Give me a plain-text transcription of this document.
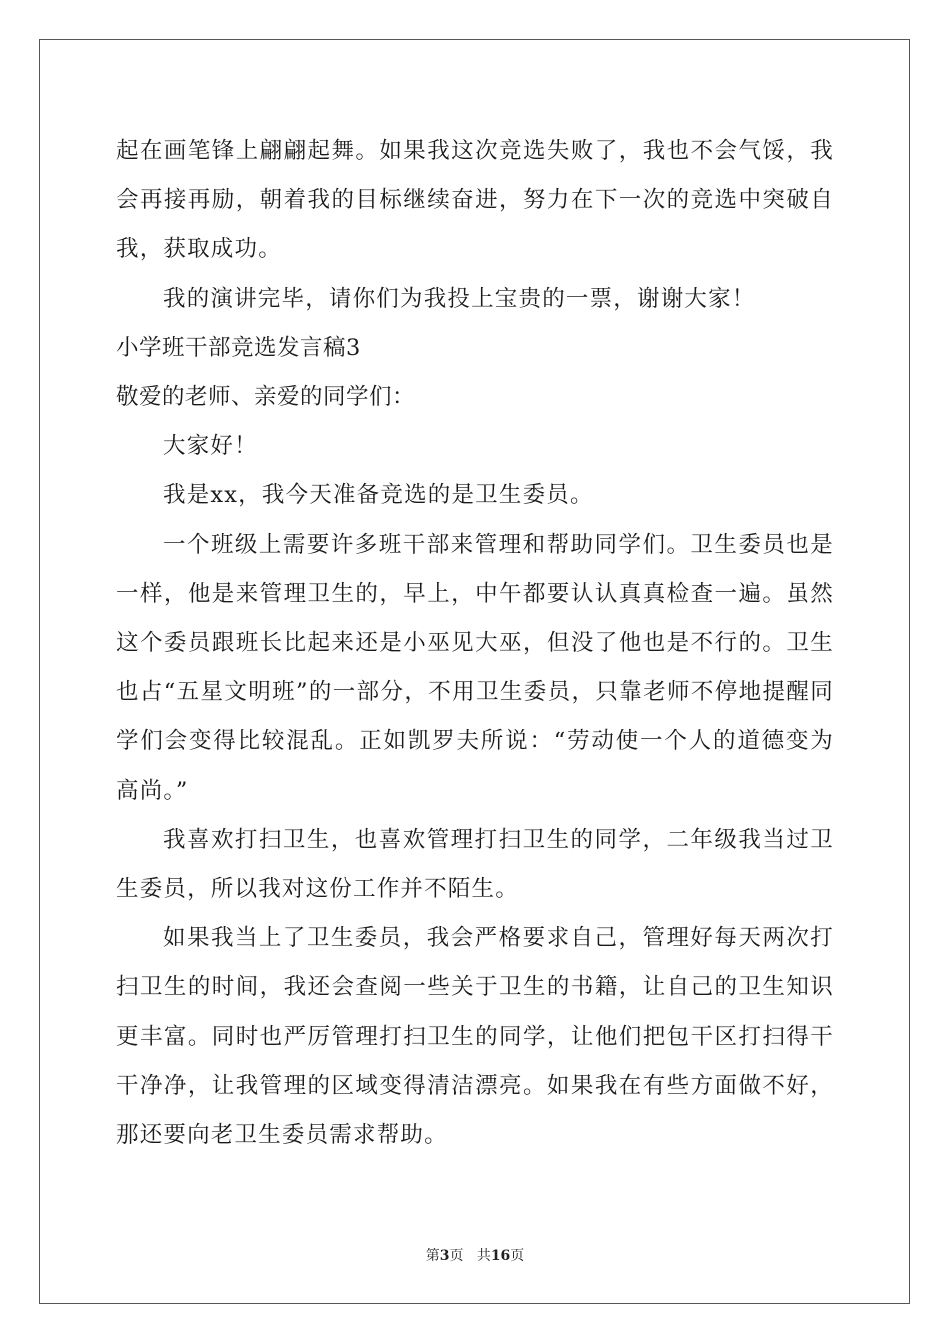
起在画笔锋上翩翩起舞。如果我这次竞选失败了，我也不会气馁，我会再接再励，朝着我的目标继续奋进，努力在下一次的竞选中突破自我，获取成功。

我的演讲完毕，请你们为我投上宝贵的一票，谢谢大家！

小学班干部竞选发言稿3

敬爱的老师、亲爱的同学们：

大家好！

我是xx，我今天准备竞选的是卫生委员。

一个班级上需要许多班干部来管理和帮助同学们。卫生委员也是一样，他是来管理卫生的，早上，中午都要认认真真检查一遍。虽然这个委员跟班长比起来还是小巫见大巫，但没了他也是不行的。卫生也占“五星文明班”的一部分，不用卫生委员，只靠老师不停地提醒同学们会变得比较混乱。正如凯罗夫所说：“劳动使一个人的道德变为高尚。”

我喜欢打扫卫生，也喜欢管理打扫卫生的同学，二年级我当过卫生委员，所以我对这份工作并不陌生。

如果我当上了卫生委员，我会严格要求自己，管理好每天两次打扫卫生的时间，我还会查阅一些关于卫生的书籍，让自己的卫生知识更丰富。同时也严厉管理打扫卫生的同学，让他们把包干区打扫得干干净净，让我管理的区域变得清洁漂亮。如果我在有些方面做不好，那还要向老卫生委员需求帮助。

第3页 共16页
